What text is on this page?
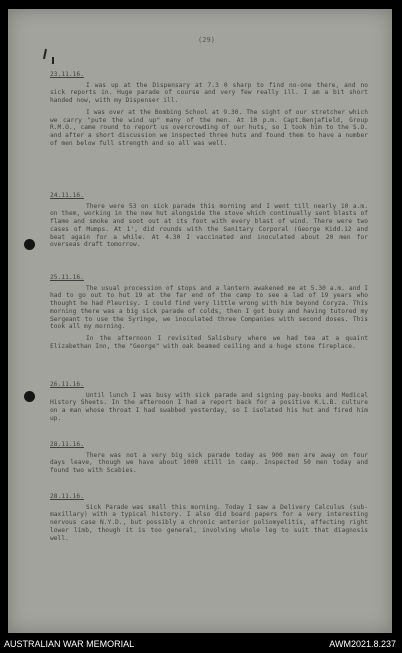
(29)
23.11.16.

I was up at the Dispensary at 7.3 0 sharp to find no-one there, and no sick reports in. Huge parade of course and very few really ill. I am a bit short handed now, with my Dispenser ill.

I was over at the Bombing School at 9.30. The sight of our stretcher which we carry "pute the wind up" many of the men. At 10 p.m. Capt.Benjafield, Group R.M.O., came round to report us overcrowding of our huts, so I took him to the S.O. and after a short discussion we inspected three huts and found them to have a number of men below full strength and so all was well.

24.11.16.

There were 53 on sick parade this morning and I went till nearly 10 a.m. on them, working in the new hut alongside the stove which continually sent blasts of flame and smoke and soot out at its foot with every blast of wind. There were two cases of Mumps. At 1', did rounds with the Sanitary Corporal (George Kidd.12 and beat again for a while. At 4.30 I vaccinated and inoculated about 20 men for overseas draft tomorrow.

25.11.16.

The usual procession of stops and a lantern awakened me at 5.30 a.m. and I had to go out to hut 19 at the far end of the camp to see a lad of 19 years who thought he had Pleurisy. I could find very little wrong with him beyond Coryza. This morning there was a big sick parade of colds, then I got busy and having tutored my Sergeant to use the Syringe, we inoculated three Companies with second doses. This took all my morning.

In the afternoon I revisited Salisbury where we had tea at a quaint Elizabethan Inn, the "George" with oak beamed ceiling and a huge stone fireplace.

26.11.16.

Until lunch I was busy with sick parade and signing pay-books and Medical History Sheets. In the afternoon I had a report back for a positive K.L.B. culture on a man whose throat I had swabbed yesterday, so I isolated his hut and fired him up.

28.11.16.

There was not a very big sick parade today as 900 men are away on four days leave, though we have about 1000 still in camp. Inspected 50 men today and found two with Scabies.

28.11.16.

Sick Parade was small this morning. Today I saw a Delivery Calculus (sub-maxillary) with a typical history. I also did board papers for a very interesting nervous case N.Y.D., but possibly a chronic anterior poliomyelitis, affecting right lower limb, though it is too general, involving whole leg to suit that diagnosis well.

AUSTRALIAN WAR MEMORIAL	AWM2021.8.237
